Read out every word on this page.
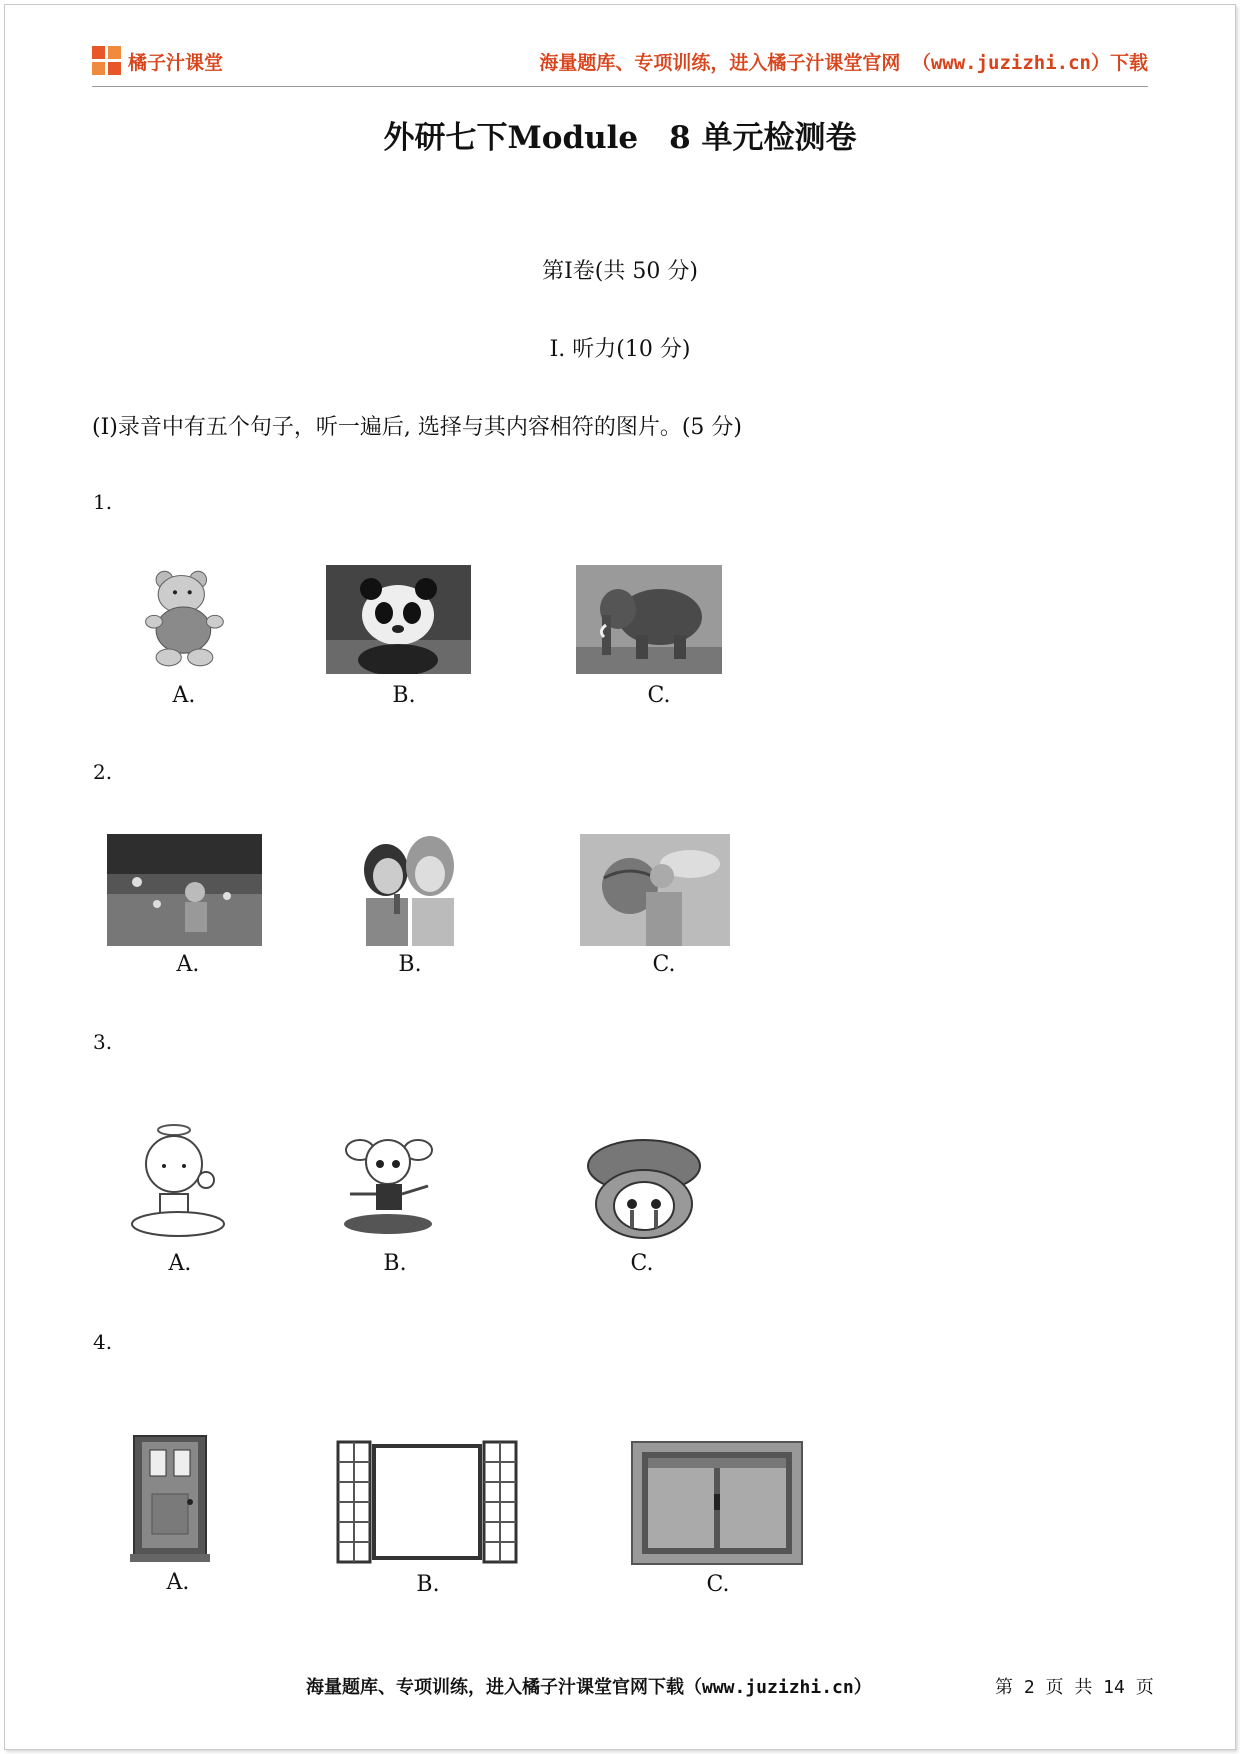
橘子汁课堂	海量题库、专项训练，进入橘子汁课堂官网 （www.juzizhi.cn）下载
外研七下Module　8 单元检测卷
第I卷(共 50 分)
I. 听力(10 分)
(I)录音中有五个句子，听一遍后, 选择与其内容相符的图片。(5 分)
1.
A.	B.	C.
2.
A.	B.	C.
3.
A.	B.	C.
4.
A.	B.	C.
海量题库、专项训练，进入橘子汁课堂官网下载（www.juzizhi.cn）	第 2 页 共 14 页
